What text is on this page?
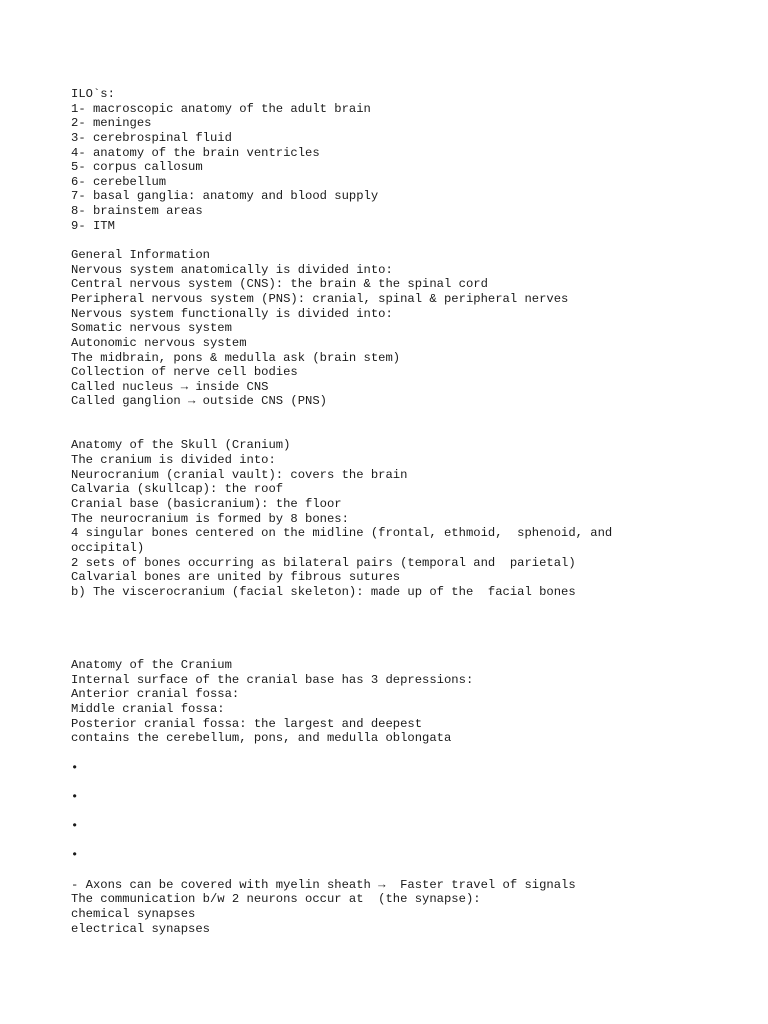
ILO`s:
1- macroscopic anatomy of the adult brain
2- meninges
3- cerebrospinal fluid
4- anatomy of the brain ventricles
5- corpus callosum
6- cerebellum
7- basal ganglia: anatomy and blood supply
8- brainstem areas
9- ITM
General Information
Nervous system anatomically is divided into:
Central nervous system (CNS): the brain & the spinal cord
Peripheral nervous system (PNS): cranial, spinal & peripheral nerves
Nervous system functionally is divided into:
Somatic nervous system
Autonomic nervous system
The midbrain, pons & medulla ask (brain stem)
Collection of nerve cell bodies
Called nucleus → inside CNS
Called ganglion → outside CNS (PNS)
Anatomy of the Skull (Cranium)
The cranium is divided into:
Neurocranium (cranial vault): covers the brain
Calvaria (skullcap): the roof
Cranial base (basicranium): the floor
The neurocranium is formed by 8 bones:
4 singular bones centered on the midline (frontal, ethmoid,  sphenoid, and
occipital)
2 sets of bones occurring as bilateral pairs (temporal and  parietal)
Calvarial bones are united by fibrous sutures
b) The viscerocranium (facial skeleton): made up of the  facial bones
Anatomy of the Cranium
Internal surface of the cranial base has 3 depressions:
Anterior cranial fossa:
Middle cranial fossa:
Posterior cranial fossa: the largest and deepest
contains the cerebellum, pons, and medulla oblongata
•
•
•
•
- Axons can be covered with myelin sheath →  Faster travel of signals
The communication b/w 2 neurons occur at  (the synapse):
chemical synapses
electrical synapses
